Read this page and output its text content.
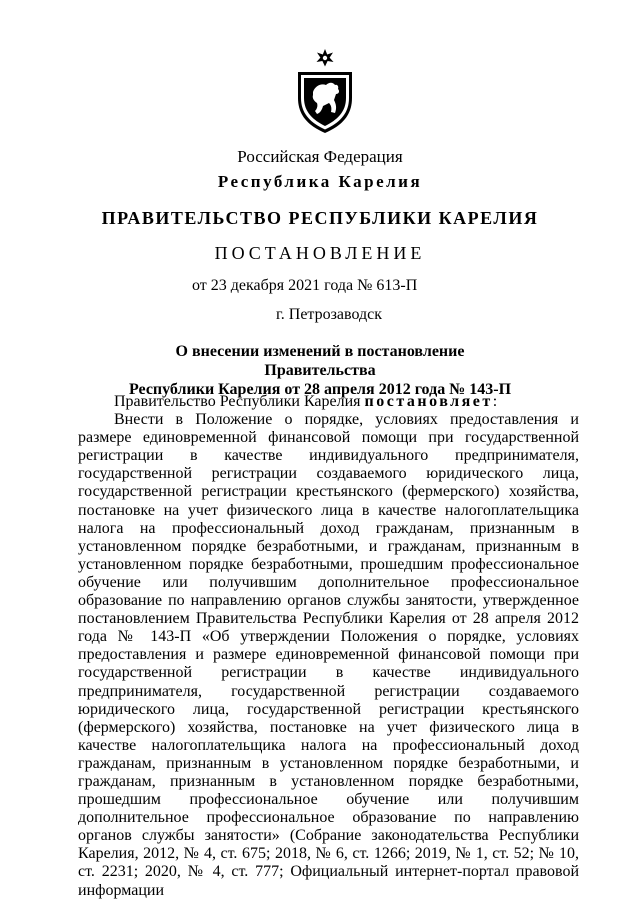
Российская Федерация
Республика Карелия
ПРАВИТЕЛЬСТВО РЕСПУБЛИКИ КАРЕЛИЯ
ПОСТАНОВЛЕНИЕ
от 23 декабря 2021 года № 613-П
г. Петрозаводск
О внесении изменений в постановление Правительства
Республики Карелия от 28 апреля 2012 года № 143-П

Правительство Республики Карелия постановляет:

Внести в Положение о порядке, условиях предоставления и размере единовременной финансовой помощи при государственной регистрации в качестве индивидуального предпринимателя, государственной регистрации создаваемого юридического лица, государственной регистрации крестьянского (фермерского) хозяйства, постановке на учет физического лица в качестве налогоплательщика налога на профессиональный доход гражданам, признанным в установленном порядке безработными, и гражданам, признанным в установленном порядке безработными, прошедшим профессиональное обучение или получившим дополнительное профессиональное образование по направлению органов службы занятости, утвержденное постановлением Правительства Республики Карелия от 28 апреля 2012 года № 143-П «Об утверждении Положения о порядке, условиях предоставления и размере единовременной финансовой помощи при государственной регистрации в качестве индивидуального предпринимателя, государственной регистрации создаваемого юридического лица, государственной регистрации крестьянского (фермерского) хозяйства, постановке на учет физического лица в качестве налогоплательщика налога на профессиональный доход гражданам, признанным в установленном порядке безработными, и гражданам, признанным в установленном порядке безработными, прошедшим профессиональное обучение или получившим дополнительное профессиональное образование по направлению органов службы занятости» (Собрание законодательства Республики Карелия, 2012, № 4, ст. 675; 2018, № 6, ст. 1266; 2019, № 1, ст. 52; № 10, ст. 2231; 2020, № 4, ст. 777; Официальный интернет-портал правовой информации
